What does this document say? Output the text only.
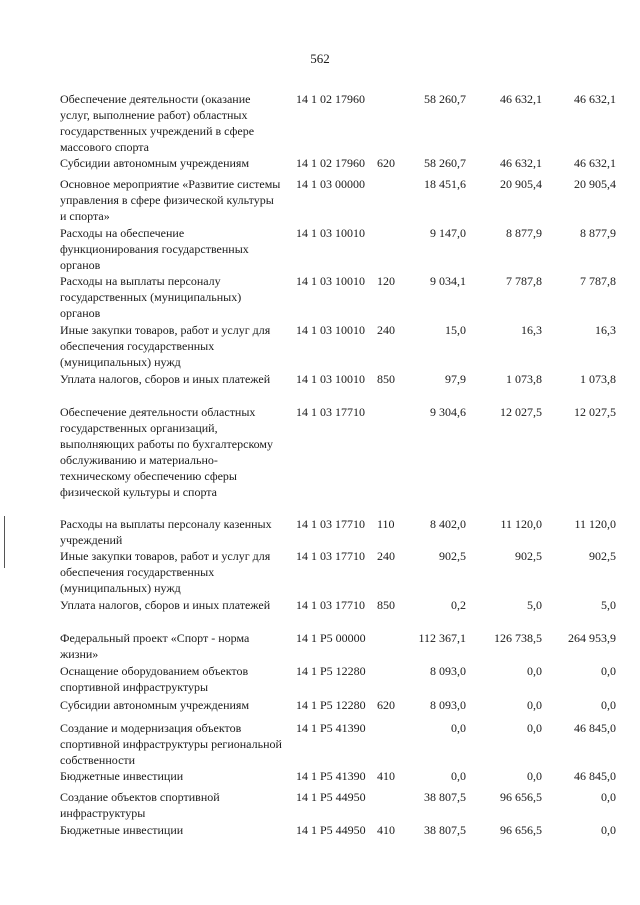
562
Обеспечение деятельности (оказание услуг, выполнение работ) областных государственных учреждений в сфере массового спорта
14 1 02 17960	58 260,7	46 632,1	46 632,1
Субсидии автономным учреждениям	14 1 02 17960 620	58 260,7	46 632,1	46 632,1
Основное мероприятие «Развитие системы управления в сфере физической культуры и спорта»
14 1 03 00000	18 451,6	20 905,4	20 905,4
Расходы на обеспечение функционирования государственных органов
14 1 03 10010	9 147,0	8 877,9	8 877,9
Расходы на выплаты персоналу государственных (муниципальных) органов
14 1 03 10010 120	9 034,1	7 787,8	7 787,8
Иные закупки товаров, работ и услуг для обеспечения государственных (муниципальных) нужд
14 1 03 10010 240	15,0	16,3	16,3
Уплата налогов, сборов и иных платежей	14 1 03 10010 850	97,9	1 073,8	1 073,8
Обеспечение деятельности областных государственных организаций, выполняющих работы по бухгалтерскому обслуживанию и материально-техническому обеспечению сферы физической культуры и спорта
14 1 03 17710	9 304,6	12 027,5	12 027,5
Расходы на выплаты персоналу казенных учреждений
14 1 03 17710 110	8 402,0	11 120,0	11 120,0
Иные закупки товаров, работ и услуг для обеспечения государственных (муниципальных) нужд
14 1 03 17710 240	902,5	902,5	902,5
Уплата налогов, сборов и иных платежей	14 1 03 17710 850	0,2	5,0	5,0
Федеральный проект «Спорт - норма жизни»
14 1 P5 00000	112 367,1	126 738,5	264 953,9
Оснащение оборудованием объектов спортивной инфраструктуры
14 1 P5 12280	8 093,0	0,0	0,0
Субсидии автономным учреждениям	14 1 P5 12280 620	8 093,0	0,0	0,0
Создание и модернизация объектов спортивной инфраструктуры региональной собственности
14 1 P5 41390	0,0	0,0	46 845,0
Бюджетные инвестиции	14 1 P5 41390 410	0,0	0,0	46 845,0
Создание объектов спортивной инфраструктуры
14 1 P5 44950	38 807,5	96 656,5	0,0
Бюджетные инвестиции	14 1 P5 44950 410	38 807,5	96 656,5	0,0
